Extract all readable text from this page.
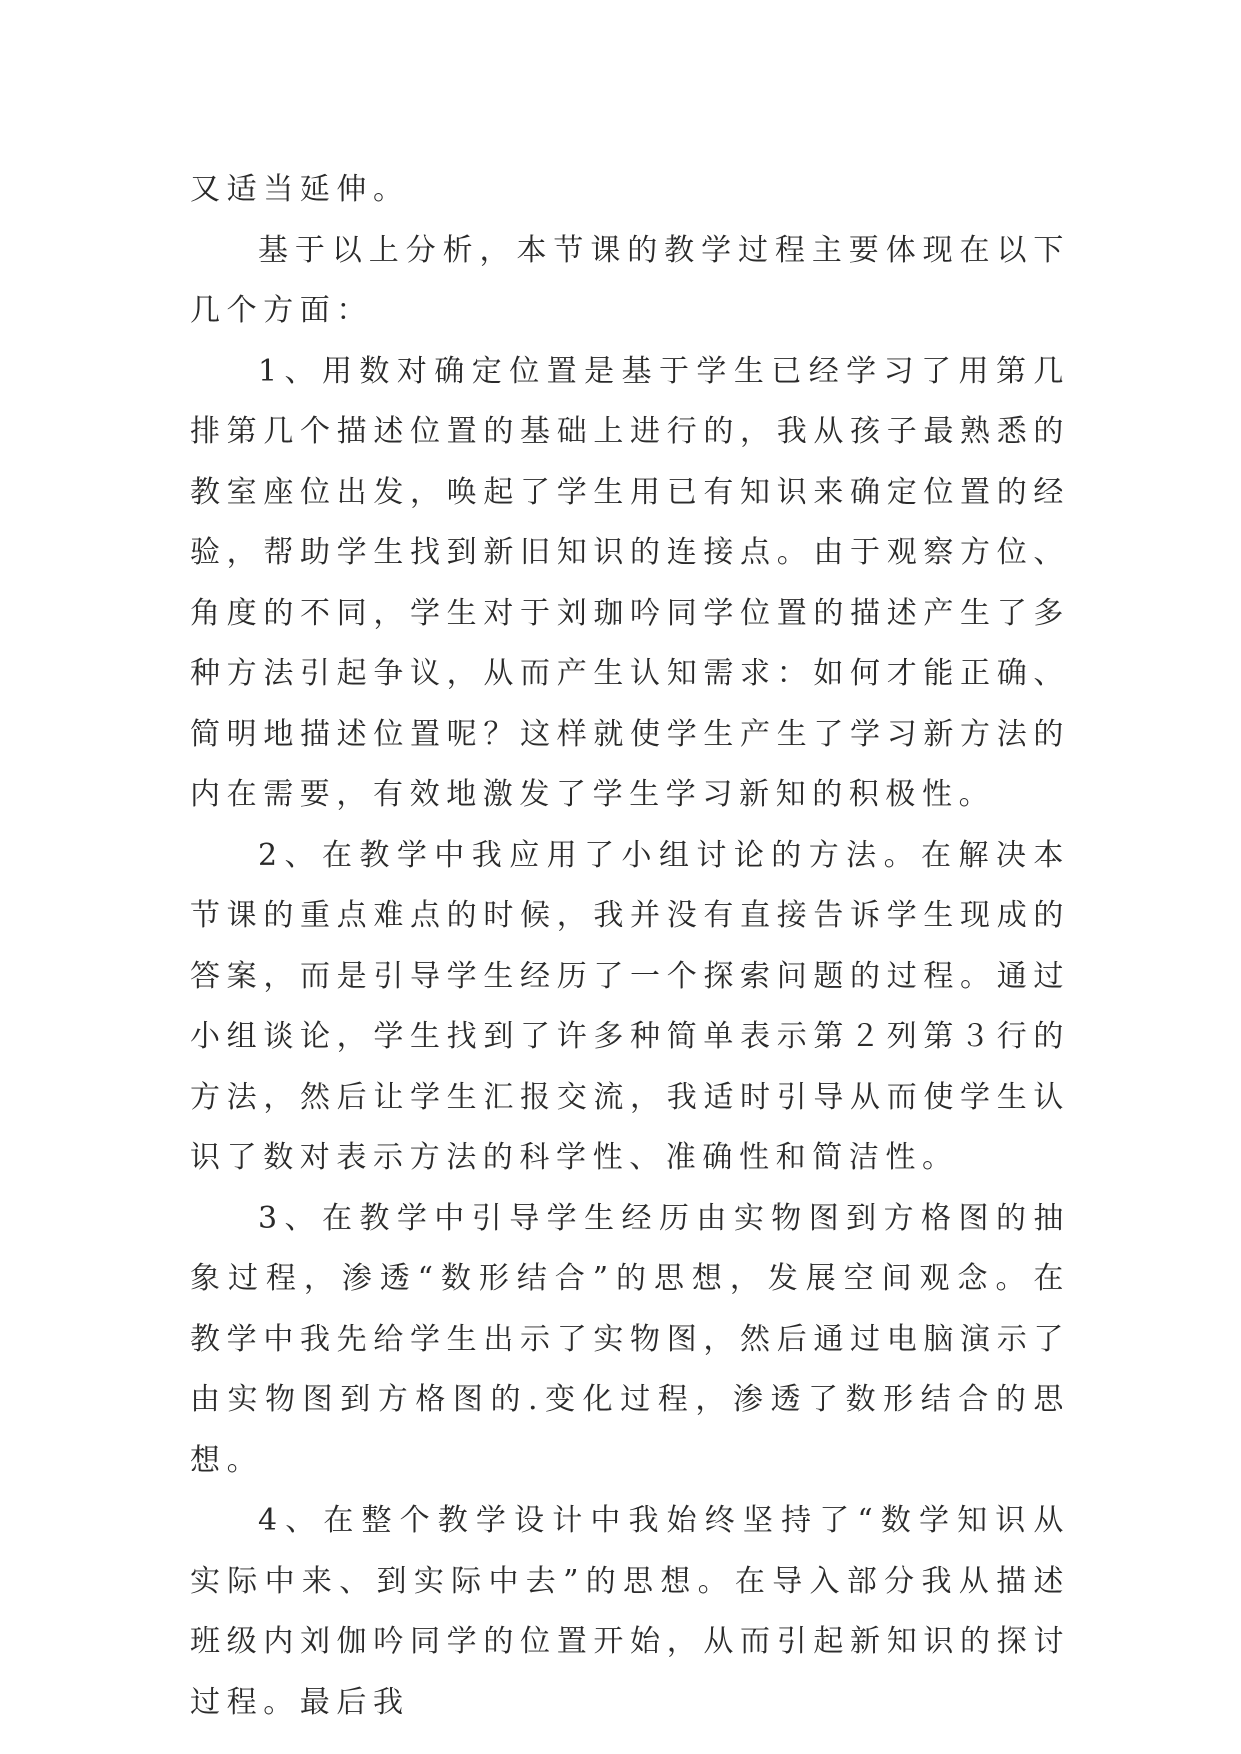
又适当延伸。

基于以上分析，本节课的教学过程主要体现在以下几个方面：

1、用数对确定位置是基于学生已经学习了用第几排第几个描述位置的基础上进行的，我从孩子最熟悉的教室座位出发，唤起了学生用已有知识来确定位置的经验，帮助学生找到新旧知识的连接点。由于观察方位、角度的不同，学生对于刘珈吟同学位置的描述产生了多种方法引起争议，从而产生认知需求：如何才能正确、简明地描述位置呢？这样就使学生产生了学习新方法的内在需要，有效地激发了学生学习新知的积极性。

2、在教学中我应用了小组讨论的方法。在解决本节课的重点难点的时候，我并没有直接告诉学生现成的答案，而是引导学生经历了一个探索问题的过程。通过小组谈论，学生找到了许多种简单表示第２列第３行的方法，然后让学生汇报交流，我适时引导从而使学生认识了数对表示方法的科学性、准确性和简洁性。

3、在教学中引导学生经历由实物图到方格图的抽象过程，渗透“数形结合”的思想，发展空间观念。在教学中我先给学生出示了实物图，然后通过电脑演示了由实物图到方格图的.变化过程，渗透了数形结合的思想。

4、在整个教学设计中我始终坚持了“数学知识从实际中来、到实际中去”的思想。在导入部分我从描述班级内刘伽吟同学的位置开始，从而引起新知识的探讨过程。最后我
